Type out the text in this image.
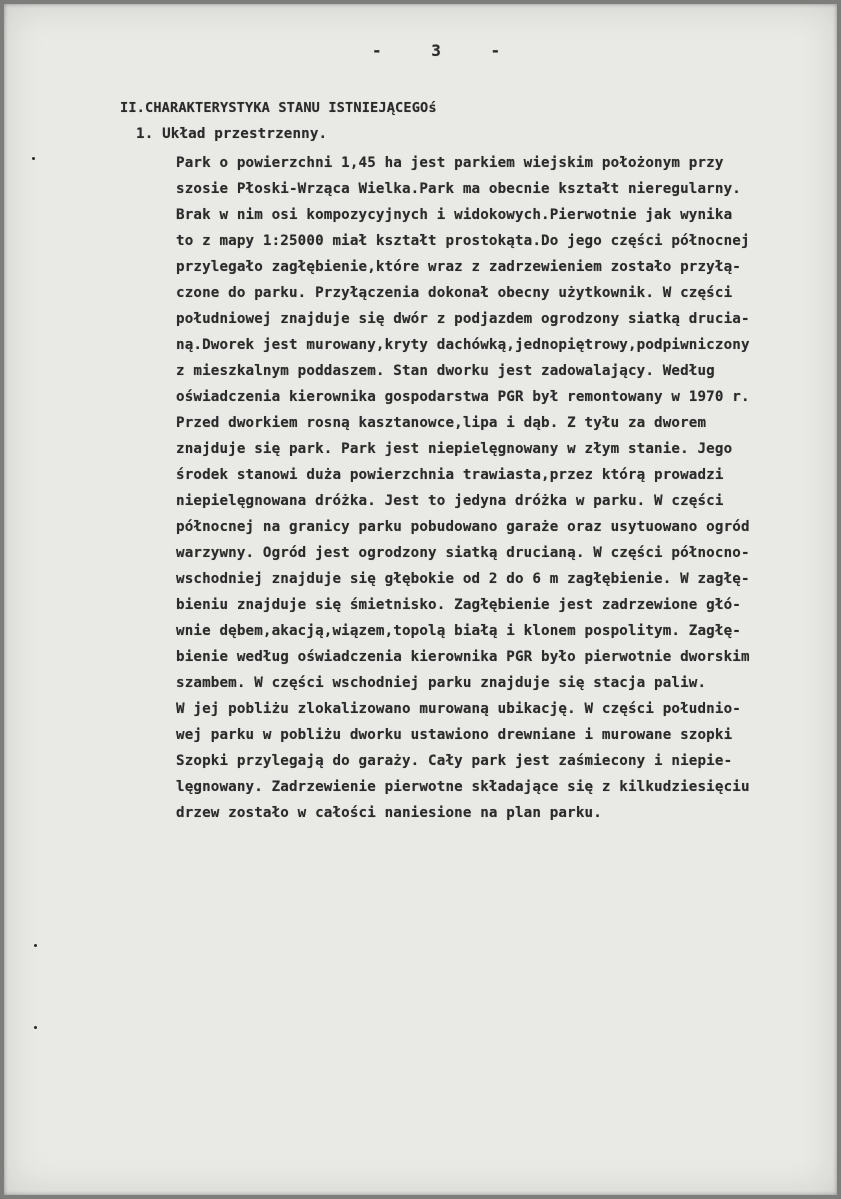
- 3 -
II.CHARAKTERYSTYKA STANU ISTNIEJĄCEGOś
1. Układ przestrzenny.
Park o powierzchni 1,45 ha jest parkiem wiejskim położonym przy
szosie Płoski-Wrząca Wielka.Park ma obecnie kształt nieregularny.
Brak w nim osi kompozycyjnych i widokowych.Pierwotnie jak wynika
to z mapy 1:25000 miał kształt prostokąta.Do jego części północnej
przylegało zagłębienie,które wraz z zadrzewieniem zostało przyłą-
czone do parku. Przyłączenia dokonał obecny użytkownik. W części
południowej znajduje się dwór z podjazdem ogrodzony siatką drucia-
ną.Dworek jest murowany,kryty dachówką,jednopiętrowy,podpiwniczony
z mieszkalnym poddaszem. Stan dworku jest zadowalający. Według
oświadczenia kierownika gospodarstwa PGR był remontowany w 1970 r.
Przed dworkiem rosną kasztanowce,lipa i dąb. Z tyłu za dworem
znajduje się park. Park jest niepielęgnowany w złym stanie. Jego
środek stanowi duża powierzchnia trawiasta,przez którą prowadzi
niepielęgnowana dróżka. Jest to jedyna dróżka w parku. W części
północnej na granicy parku pobudowano garaże oraz usytuowano ogród
warzywny. Ogród jest ogrodzony siatką drucianą. W części północno-
wschodniej znajduje się głębokie od 2 do 6 m zagłębienie. W zagłę-
bieniu znajduje się śmietnisko. Zagłębienie jest zadrzewione głó-
wnie dębem,akacją,wiązem,topolą białą i klonem pospolitym. Zagłę-
bienie według oświadczenia kierownika PGR było pierwotnie dworskim
szambem. W części wschodniej parku znajduje się stacja paliw.
W jej pobliżu zlokalizowano murowaną ubikację. W części południo-
wej parku w pobliżu dworku ustawiono drewniane i murowane szopki
Szopki przylegają do garaży. Cały park jest zaśmiecony i niepie-
lęgnowany. Zadrzewienie pierwotne składające się z kilkudziesięciu
drzew zostało w całości naniesione na plan parku.
